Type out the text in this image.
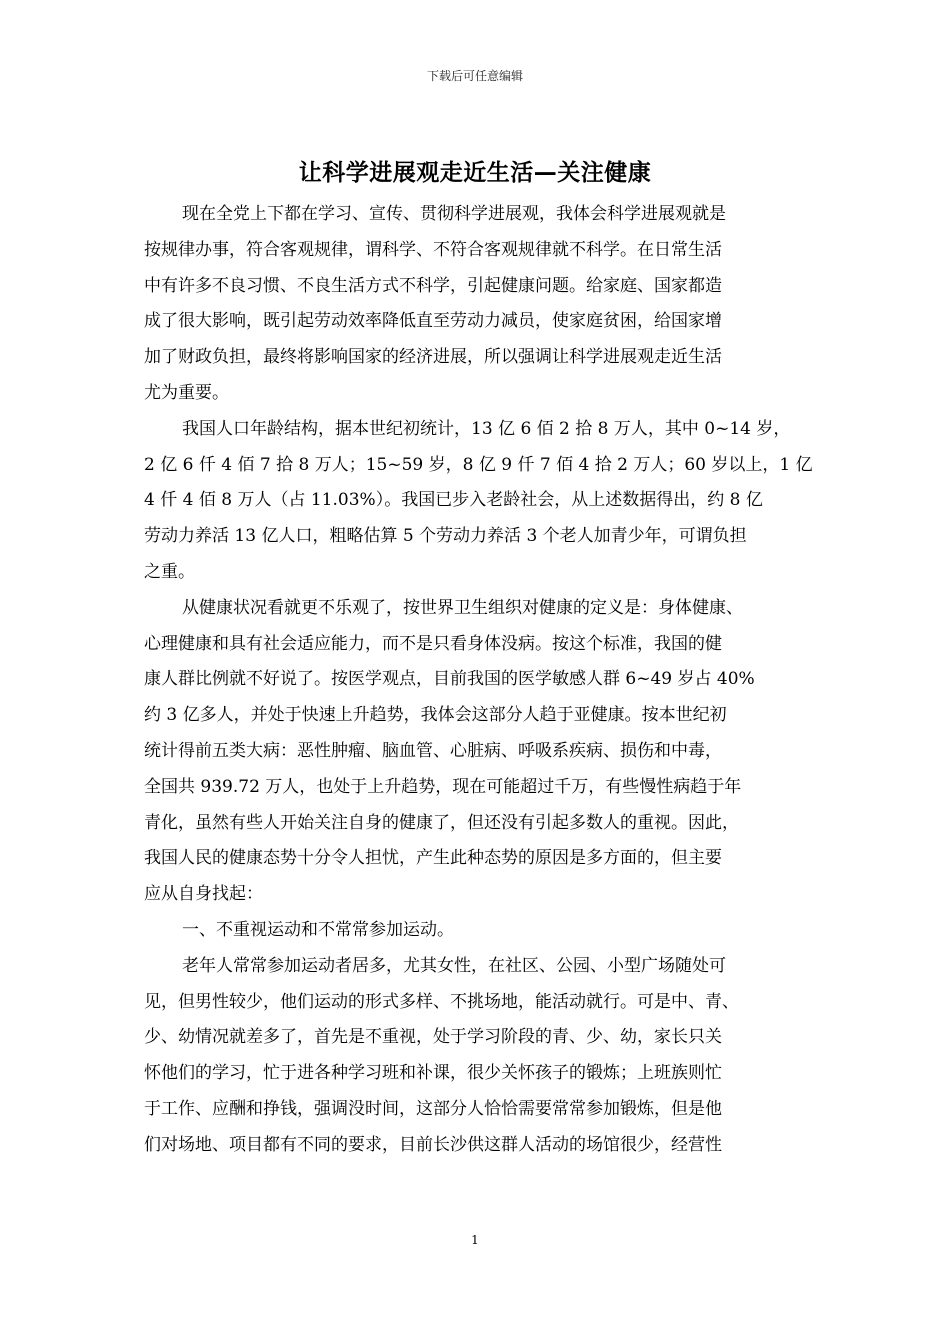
下载后可任意编辑
让科学进展观走近生活—关注健康

现在全党上下都在学习、宣传、贯彻科学进展观，我体会科学进展观就是
按规律办事，符合客观规律，谓科学、不符合客观规律就不科学。在日常生活
中有许多不良习惯、不良生活方式不科学，引起健康问题。给家庭、国家都造
成了很大影响，既引起劳动效率降低直至劳动力减员，使家庭贫困，给国家增
加了财政负担，最终将影响国家的经济进展，所以强调让科学进展观走近生活
尤为重要。

我国人口年龄结构，据本世纪初统计，13 亿 6 佰 2 拾 8 万人，其中 0~14 岁，
2 亿 6 仟 4 佰 7 拾 8 万人；15~59 岁，8 亿 9 仟 7 佰 4 拾 2 万人；60 岁以上，1 亿
4 仟 4 佰 8 万人（占 11.03%）。我国已步入老龄社会，从上述数据得出，约 8 亿
劳动力养活 13 亿人口，粗略估算 5 个劳动力养活 3 个老人加青少年，可谓负担
之重。

从健康状况看就更不乐观了，按世界卫生组织对健康的定义是：身体健康、
心理健康和具有社会适应能力，而不是只看身体没病。按这个标准，我国的健
康人群比例就不好说了。按医学观点，目前我国的医学敏感人群 6~49 岁占 40%
约 3 亿多人，并处于快速上升趋势，我体会这部分人趋于亚健康。按本世纪初
统计得前五类大病：恶性肿瘤、脑血管、心脏病、呼吸系疾病、损伤和中毒，
全国共 939.72 万人，也处于上升趋势，现在可能超过千万，有些慢性病趋于年
青化，虽然有些人开始关注自身的健康了，但还没有引起多数人的重视。因此，
我国人民的健康态势十分令人担忧，产生此种态势的原因是多方面的，但主要
应从自身找起：

一、不重视运动和不常常参加运动。

老年人常常参加运动者居多，尤其女性，在社区、公园、小型广场随处可
见，但男性较少，他们运动的形式多样、不挑场地，能活动就行。可是中、青、
少、幼情况就差多了，首先是不重视，处于学习阶段的青、少、幼，家长只关
怀他们的学习，忙于进各种学习班和补课，很少关怀孩子的锻炼；上班族则忙
于工作、应酬和挣钱，强调没时间，这部分人恰恰需要常常参加锻炼，但是他
们对场地、项目都有不同的要求，目前长沙供这群人活动的场馆很少，经营性

1
